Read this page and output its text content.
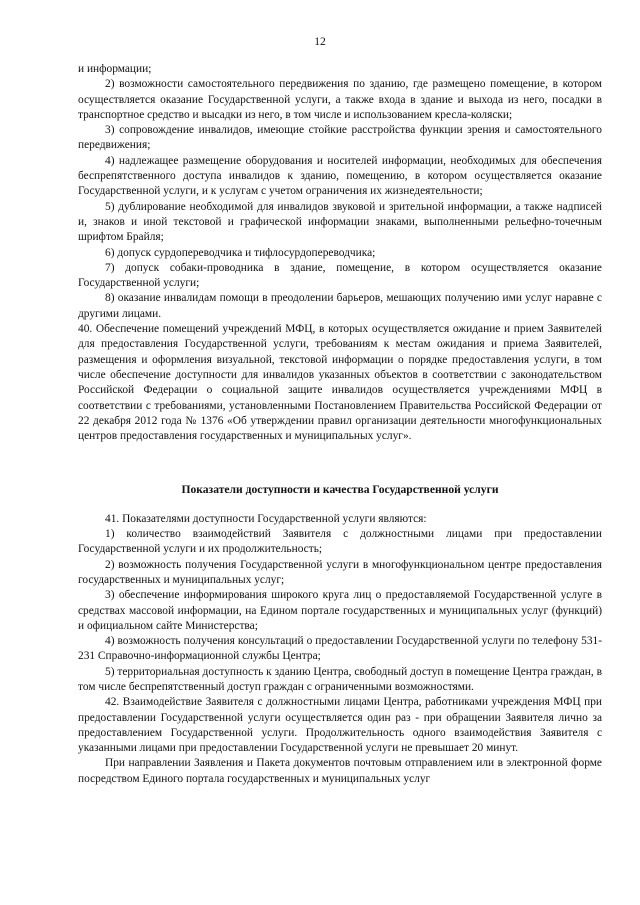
12

и информации;

2) возможности самостоятельного передвижения по зданию, где размещено помещение, в котором осуществляется оказание Государственной услуги, а также входа в здание и выхода из него, посадки в транспортное средство и высадки из него, в том числе и использованием кресла-коляски;

3) сопровождение инвалидов, имеющие стойкие расстройства функции зрения и самостоятельного передвижения;

4) надлежащее размещение оборудования и носителей информации, необходимых для обеспечения беспрепятственного доступа инвалидов к зданию, помещению, в котором осуществляется оказание Государственной услуги, и к услугам с учетом ограничения их жизнедеятельности;

5) дублирование необходимой для инвалидов звуковой и зрительной информации, а также надписей и, знаков и иной текстовой и графической информации знаками, выполненными рельефно-точечным шрифтом Брайля;

6) допуск сурдопереводчика и тифлосурдопереводчика;

7) допуск собаки-проводника в здание, помещение, в котором осуществляется оказание Государственной услуги;

8) оказание инвалидам помощи в преодолении барьеров, мешающих получению ими услуг наравне с другими лицами.

40. Обеспечение помещений учреждений МФЦ, в которых осуществляется ожидание и прием Заявителей для предоставления Государственной услуги, требованиям к местам ожидания и приема Заявителей, размещения и оформления визуальной, текстовой информации о порядке предоставления услуги, в том числе обеспечение доступности для инвалидов указанных объектов в соответствии с законодательством Российской Федерации о социальной защите инвалидов осуществляется учреждениями МФЦ в соответствии с требованиями, установленными Постановлением Правительства Российской Федерации от 22 декабря 2012 года № 1376 «Об утверждении правил организации деятельности многофункциональных центров предоставления государственных и муниципальных услуг».

Показатели доступности и качества Государственной услуги

41. Показателями доступности Государственной услуги являются:

1) количество взаимодействий Заявителя с должностными лицами при предоставлении Государственной услуги и их продолжительность;

2) возможность получения Государственной услуги в многофункциональном центре предоставления государственных и муниципальных услуг;

3) обеспечение информирования широкого круга лиц о предоставляемой Государственной услуге в средствах массовой информации, на Едином портале государственных и муниципальных услуг (функций) и официальном сайте Министерства;

4) возможность получения консультаций о предоставлении Государственной услуги по телефону 531-231 Справочно-информационной службы Центра;

5) территориальная доступность к зданию Центра, свободный доступ в помещение Центра граждан, в том числе беспрепятственный доступ граждан с ограниченными возможностями.

42. Взаимодействие Заявителя с должностными лицами Центра, работниками учреждения МФЦ при предоставлении Государственной услуги осуществляется один раз - при обращении Заявителя лично за предоставлением Государственной услуги. Продолжительность одного взаимодействия Заявителя с указанными лицами при предоставлении Государственной услуги не превышает 20 минут.

При направлении Заявления и Пакета документов почтовым отправлением или в электронной форме посредством Единого портала государственных и муниципальных услуг
